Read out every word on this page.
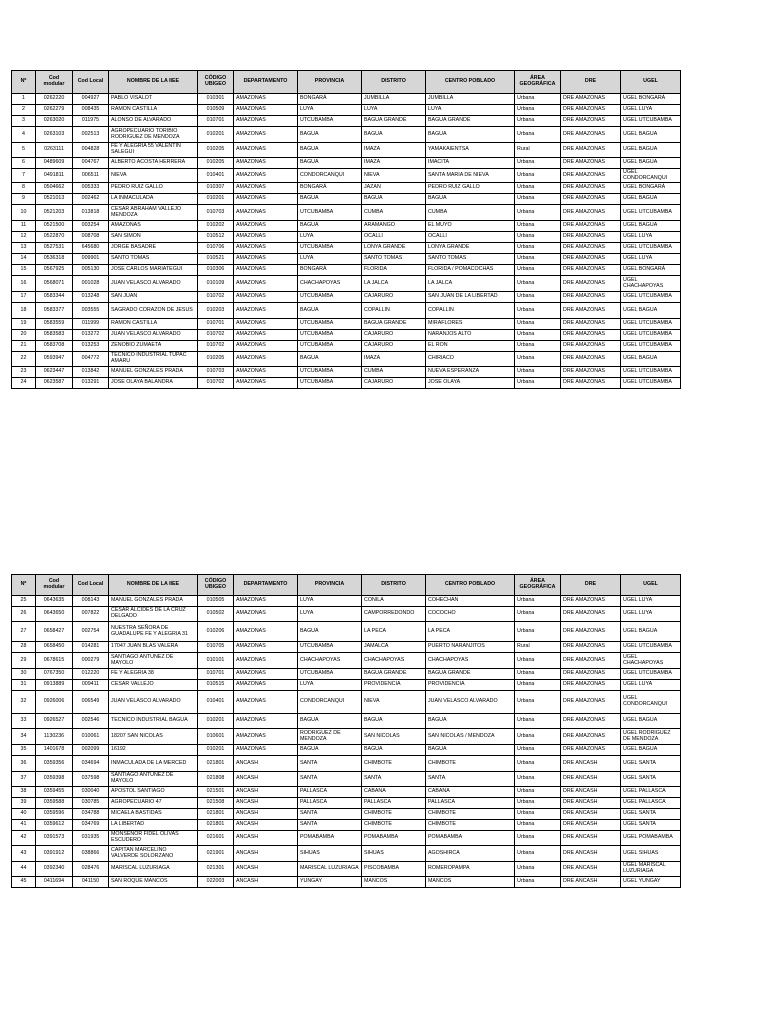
Nº	Cod modular	Cod Local	NOMBRE DE LA IIEE	CÓDIGO UBIGEO	DEPARTAMENTO	PROVINCIA	DISTRITO	CENTRO POBLADO	ÁREA GEOGRÁFICA	DRE	UGEL
1	0262220	004927	PABLO VISALOT	010301	AMAZONAS	BONGARÁ	JUMBILLA	JUMBILLA	Urbana	DRE AMAZONAS	UGEL BONGARÁ
2	0262279	008435	RAMON CASTILLA	010509	AMAZONAS	LUYA	LUYA	LUYA	Urbana	DRE AMAZONAS	UGEL LUYA
3	0263020	011975	ALONSO DE ALVARADO	010701	AMAZONAS	UTCUBAMBA	BAGUA GRANDE	BAGUA GRANDE	Urbana	DRE AMAZONAS	UGEL UTCUBAMBA
4	0263103	002513	AGROPECUARIO TORIBIO RODRIGUEZ DE MENDOZA	010201	AMAZONAS	BAGUA	BAGUA	BAGUA	Urbana	DRE AMAZONAS	UGEL BAGUA
5	0263111	004828	FE Y ALEGRIA 55 VALENTIN SALEGUI	010205	AMAZONAS	BAGUA	IMAZA	YAMAKAIENTSA	Rural	DRE AMAZONAS	UGEL BAGUA
6	0489609	004767	ALBERTO ACOSTA HERRERA	010205	AMAZONAS	BAGUA	IMAZA	IMACITA	Urbana	DRE AMAZONAS	UGEL BAGUA
7	0491811	006511	NIEVA	010401	AMAZONAS	CONDORCANQUI	NIEVA	SANTA MARIA DE NIEVA	Urbana	DRE AMAZONAS	UGEL CONDORCANQUI
8	0504662	005333	PEDRO RUIZ GALLO	010307	AMAZONAS	BONGARÁ	JAZAN	PEDRO RUIZ GALLO	Urbana	DRE AMAZONAS	UGEL BONGARÁ
9	0521013	002462	LA INMACULADA	010201	AMAZONAS	BAGUA	BAGUA	BAGUA	Urbana	DRE AMAZONAS	UGEL BAGUA
10	0521203	013818	CESAR ABRAHAM VALLEJO MENDOZA	010703	AMAZONAS	UTCUBAMBA	CUMBA	CUMBA	Urbana	DRE AMAZONAS	UGEL UTCUBAMBA
11	0521500	003254	AMAZONAS	010202	AMAZONAS	BAGUA	ARAMANGO	EL MUYO	Urbana	DRE AMAZONAS	UGEL BAGUA
12	0522870	008708	SAN SIMON	010512	AMAZONAS	LUYA	OCALLI	OCALLI	Urbana	DRE AMAZONAS	UGEL LUYA
13	0527531	645680	JORGE BASADRE	010706	AMAZONAS	UTCUBAMBA	LONYA GRANDE	LONYA GRANDE	Urbana	DRE AMAZONAS	UGEL UTCUBAMBA
14	0536318	009901	SANTO TOMAS	010521	AMAZONAS	LUYA	SANTO TOMAS	SANTO TOMAS	Urbana	DRE AMAZONAS	UGEL LUYA
15	0567925	005130	JOSE CARLOS MARIATEGUI	010306	AMAZONAS	BONGARÁ	FLORIDA	FLORIDA / POMACOCHAS	Urbana	DRE AMAZONAS	UGEL BONGARÁ
16	0568071	001028	JUAN VELASCO ALVARADO	010109	AMAZONAS	CHACHAPOYAS	LA JALCA	LA JALCA	Urbana	DRE AMAZONAS	UGEL CHACHAPOYAS
17	0583344	013248	SAN JUAN	010702	AMAZONAS	UTCUBAMBA	CAJARURO	SAN JUAN DE LA LIBERTAD	Urbana	DRE AMAZONAS	UGEL UTCUBAMBA
18	0583377	003555	SAGRADO CORAZON DE JESUS	010203	AMAZONAS	BAGUA	COPALLIN	COPALLIN	Urbana	DRE AMAZONAS	UGEL BAGUA
19	0583559	011999	RAMON CASTILLA	010701	AMAZONAS	UTCUBAMBA	BAGUA GRANDE	MIRAFLORES	Urbana	DRE AMAZONAS	UGEL UTCUBAMBA
20	0583583	013272	JUAN VELASCO ALVARADO	010702	AMAZONAS	UTCUBAMBA	CAJARURO	NARANJOS ALTO	Urbana	DRE AMAZONAS	UGEL UTCUBAMBA
21	0583708	013253	ZENOBIO ZUMAETA	010702	AMAZONAS	UTCUBAMBA	CAJARURO	EL RON	Urbana	DRE AMAZONAS	UGEL UTCUBAMBA
22	0593947	004772	TECNICO INDUSTRIAL TUPAC AMARU	010205	AMAZONAS	BAGUA	IMAZA	CHIRIACO	Urbana	DRE AMAZONAS	UGEL BAGUA
23	0623447	013842	MANUEL GONZALES PRADA	010703	AMAZONAS	UTCUBAMBA	CUMBA	NUEVA ESPERANZA	Urbana	DRE AMAZONAS	UGEL UTCUBAMBA
24	0623587	013291	JOSE OLAYA BALANDRA	010702	AMAZONAS	UTCUBAMBA	CAJARURO	JOSE OLAYA	Urbana	DRE AMAZONAS	UGEL UTCUBAMBA
Nº	Cod modular	Cod Local	NOMBRE DE LA IIEE	CÓDIGO UBIGEO	DEPARTAMENTO	PROVINCIA	DISTRITO	CENTRO POBLADO	ÁREA GEOGRÁFICA	DRE	UGEL
25	0643635	008143	MANUEL GONZALES PRADA	010505	AMAZONAS	LUYA	CONILA	COHECHAN	Urbana	DRE AMAZONAS	UGEL LUYA
26	0643650	007822	CESAR ALCIDES DE LA CRUZ DELGADO	010502	AMAZONAS	LUYA	CAMPORREDONDO	COCOCHO	Urbana	DRE AMAZONAS	UGEL LUYA
27	0658427	002754	NUESTRA SEÑORA DE GUADALUPE FE Y ALEGRIA 31	010206	AMAZONAS	BAGUA	LA PECA	LA PECA	Urbana	DRE AMAZONAS	UGEL BAGUA
28	0658450	014281	17047 JUAN BLAS VALERA	010705	AMAZONAS	UTCUBAMBA	JAMALCA	PUERTO NARANJITOS	Rural	DRE AMAZONAS	UGEL UTCUBAMBA
29	0678615	000279	SANTIAGO ANTUNEZ DE MAYOLO	010101	AMAZONAS	CHACHAPOYAS	CHACHAPOYAS	CHACHAPOYAS	Urbana	DRE AMAZONAS	UGEL CHACHAPOYAS
30	0767350	012220	FE Y ALEGRIA 38	010701	AMAZONAS	UTCUBAMBA	BAGUA GRANDE	BAGUA GRANDE	Urbana	DRE AMAZONAS	UGEL UTCUBAMBA
31	0913889	009411	CESAR VALLEJO	010515	AMAZONAS	LUYA	PROVIDENCIA	PROVIDENCIA	Urbana	DRE AMAZONAS	UGEL LUYA
32	0926006	006549	JUAN VELASCO ALVARADO	010401	AMAZONAS	CONDORCANQUI	NIEVA	JUAN VELASCO ALVARADO	Urbana	DRE AMAZONAS	UGEL CONDORCANQUI
33	0926527	002546	TECNICO INDUSTRIAL BAGUA	010201	AMAZONAS	BAGUA	BAGUA	BAGUA	Urbana	DRE AMAZONAS	UGEL BAGUA
34	1130236	010061	18207 SAN NICOLAS	010601	AMAZONAS	RODRIGUEZ DE MENDOZA	SAN NICOLAS	SAN NICOLAS / MENDOZA	Urbana	DRE AMAZONAS	UGEL RODRIGUEZ DE MENDOZA
35	1401678	002099	16192	010201	AMAZONAS	BAGUA	BAGUA	BAGUA	Urbana	DRE AMAZONAS	UGEL BAGUA
36	0359356	034694	INMACULADA DE LA MERCED	021801	ANCASH	SANTA	CHIMBOTE	CHIMBOTE	Urbana	DRE ANCASH	UGEL SANTA
37	0359398	037598	SANTIAGO ANTUNEZ DE MAYOLO	021808	ANCASH	SANTA	SANTA	SANTA	Urbana	DRE ANCASH	UGEL SANTA
38	0359455	030040	APOSTOL SANTIAGO	021501	ANCASH	PALLASCA	CABANA	CABANA	Urbana	DRE ANCASH	UGEL PALLASCA
39	0359588	030785	AGROPECUARIO 47	021508	ANCASH	PALLASCA	PALLASCA	PALLASCA	Urbana	DRE ANCASH	UGEL PALLASCA
40	0359596	034788	MICAELA BASTIDAS	021801	ANCASH	SANTA	CHIMBOTE	CHIMBOTE	Urbana	DRE ANCASH	UGEL SANTA
41	0359612	034769	LA LIBERTAD	021801	ANCASH	SANTA	CHIMBOTE	CHIMBOTE	Urbana	DRE ANCASH	UGEL SANTA
42	0391573	031935	MONSEÑOR FIDEL OLIVAS ESCUDERO	021601	ANCASH	POMABAMBA	POMABAMBA	POMABAMBA	Urbana	DRE ANCASH	UGEL POMABAMBA
43	0391912	038866	CAPITAN MARCELINO VALVERDE SOLORZANO	021901	ANCASH	SIHUAS	SIHUAS	AGOSHIRCA	Urbana	DRE ANCASH	UGEL SIHUAS
44	0392340	028476	MARISCAL LUZURIAGA	021301	ANCASH	MARISCAL LUZURIAGA	PISCOBAMBA	ROMEROPAMPA	Urbana	DRE ANCASH	UGEL MARISCAL LUZURIAGA
45	0411694	041150	SAN ROQUE MANCOS	022003	ANCASH	YUNGAY	MANCOS	MANCOS	Urbana	DRE ANCASH	UGEL YUNGAY
